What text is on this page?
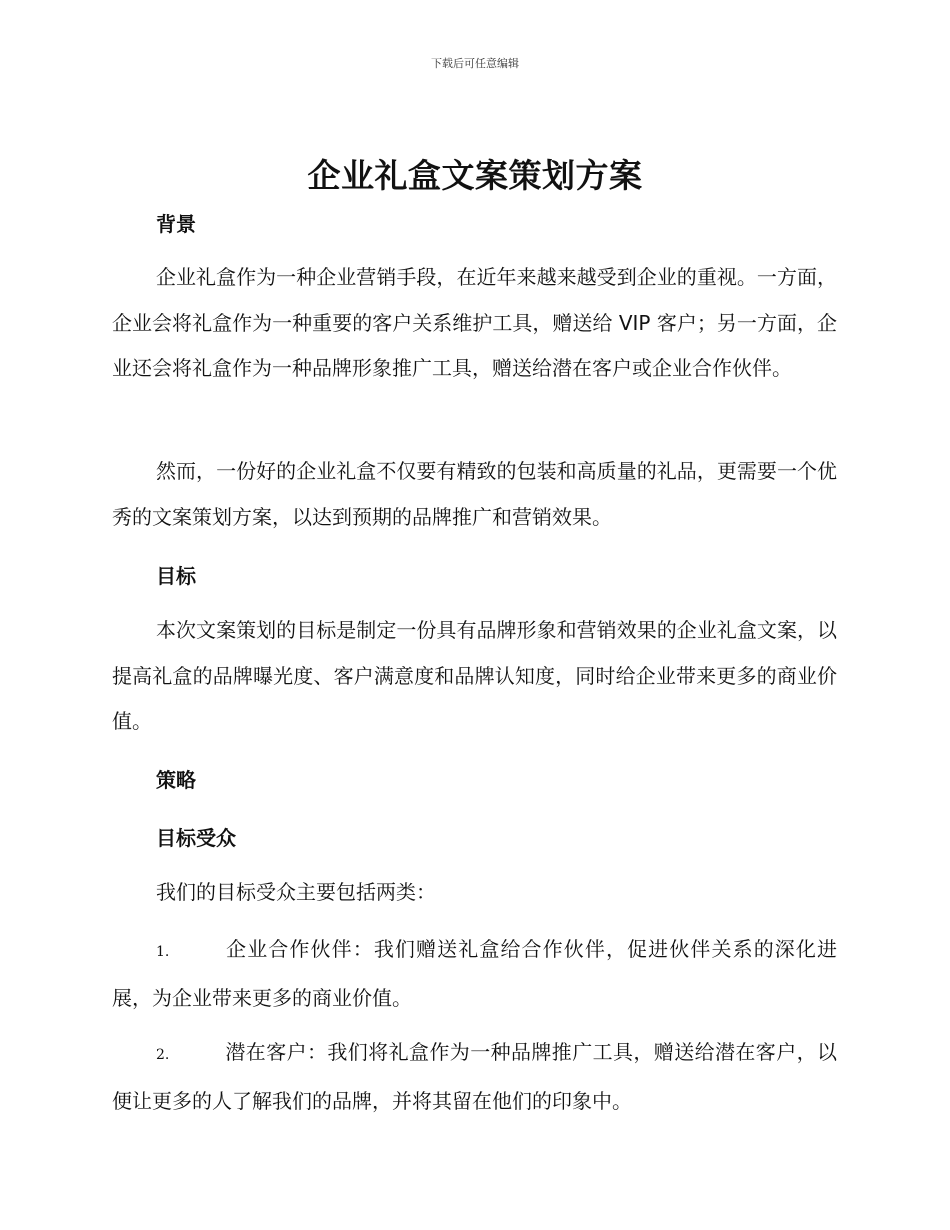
下载后可任意编辑
企业礼盒文案策划方案
背景

企业礼盒作为一种企业营销手段，在近年来越来越受到企业的重视。一方面，企业会将礼盒作为一种重要的客户关系维护工具，赠送给 VIP 客户；另一方面，企业还会将礼盒作为一种品牌形象推广工具，赠送给潜在客户或企业合作伙伴。

然而，一份好的企业礼盒不仅要有精致的包装和高质量的礼品，更需要一个优秀的文案策划方案，以达到预期的品牌推广和营销效果。

目标

本次文案策划的目标是制定一份具有品牌形象和营销效果的企业礼盒文案，以提高礼盒的品牌曝光度、客户满意度和品牌认知度，同时给企业带来更多的商业价值。

策略
目标受众

我们的目标受众主要包括两类：

1.	企业合作伙伴：我们赠送礼盒给合作伙伴，促进伙伴关系的深化进展，为企业带来更多的商业价值。

2.	潜在客户：我们将礼盒作为一种品牌推广工具，赠送给潜在客户，以便让更多的人了解我们的品牌，并将其留在他们的印象中。
